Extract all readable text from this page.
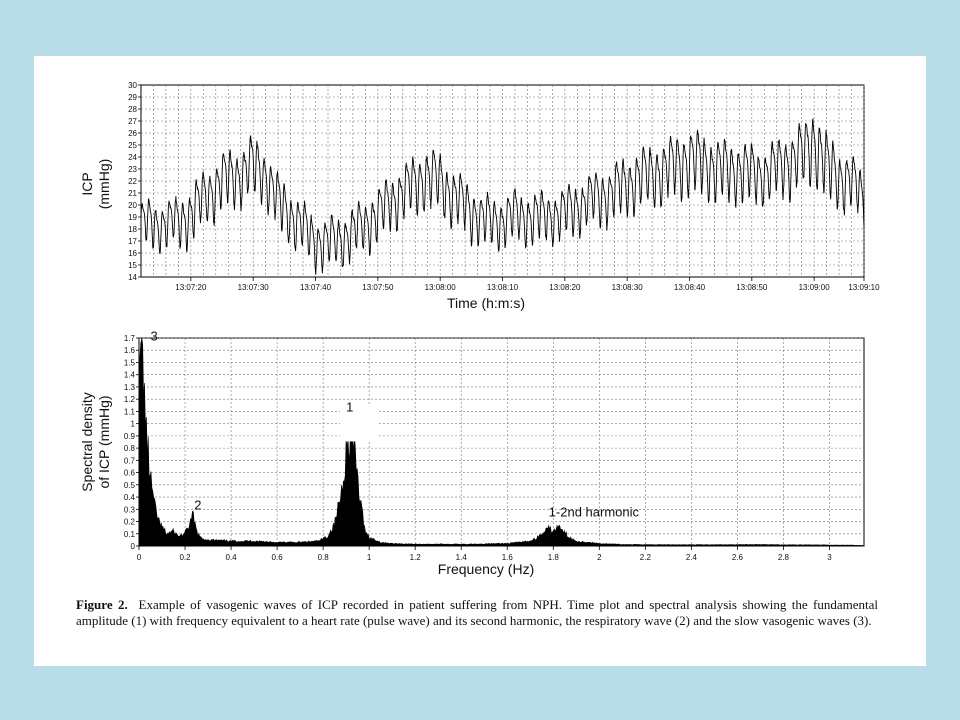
14
15
16
17
18
19
20
21
22
23
24
25
26
27
28
29
30
13:07:20	13:07:30	13:07:40	13:07:50	13:08:00	13:08:10	13:08:20	13:08:30	13:08:40	13:08:50	13:09:00 13:09:10
ICP (mmHg)
Time (h:m:s)
0
0.1
0.2
0.3
0.4
0.5
0.6
0.7
0.8
0.9
1
1.1
1.2
1.3
1.4
1.5
1.6
1.7
0	0.2	0.4	0.6	0.8	1	1.2	1.4	1.6	1.8	2	2.2	2.4	2.6	2.8	3
3
2
1
1-2nd harmonic
Spectral density of ICP (mmHg)
Frequency (Hz)
Figure 2. Example of vasogenic waves of ICP recorded in patient suffering from NPH. Time plot and spectral analysis showing the fundamental amplitude (1) with frequency equivalent to a heart rate (pulse wave) and its second harmonic, the respiratory wave (2) and the slow vasogenic waves (3).
